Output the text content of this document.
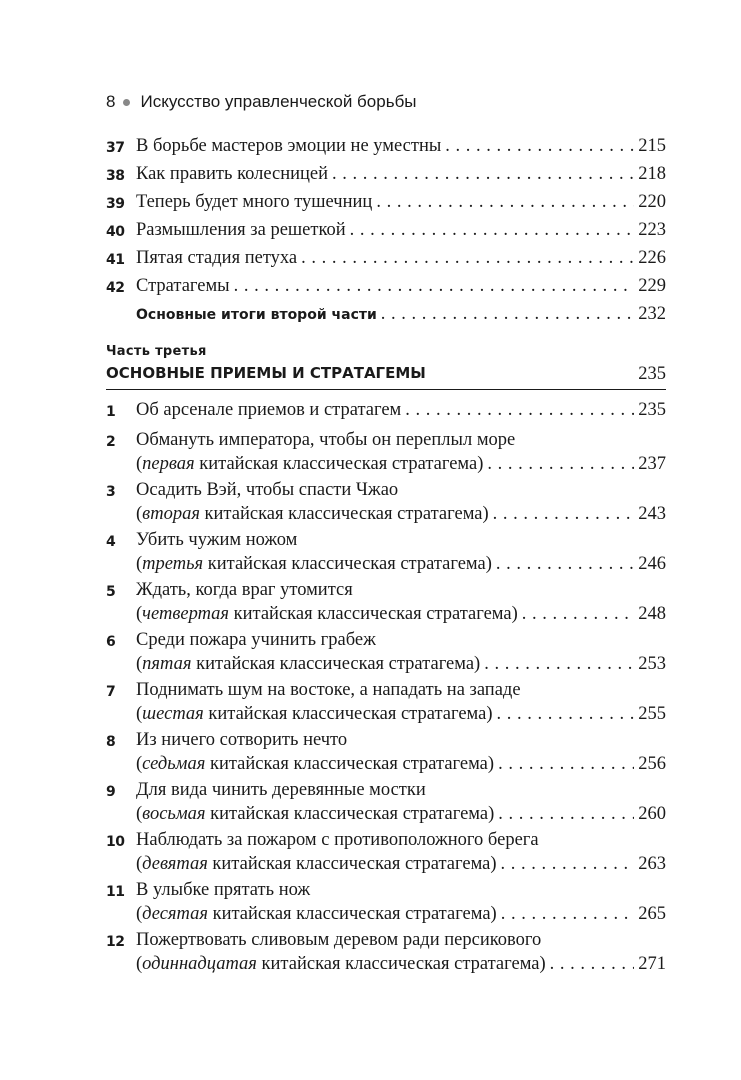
8 Искусство управленческой борьбы
37 В борьбе мастеров эмоции не уместны . . .	215
38 Как править колесницей . . .	218
39 Теперь будет много тушечниц . . .	220
40 Размышления за решеткой . . .	223
41 Пятая стадия петуха . . .	226
42 Стратагемы . . .	229
Основные итоги второй части . . .	232
Часть третья
ОСНОВНЫЕ ПРИЕМЫ И СТРАТАГЕМЫ	235
1 Об арсенале приемов и стратагем . . .	235
2 Обмануть императора, чтобы он переплыл море
(первая китайская классическая стратагема) . . .	237
3 Осадить Вэй, чтобы спасти Чжао
(вторая китайская классическая стратагема) . . .	243
4 Убить чужим ножом
(третья китайская классическая стратагема) . . .	246
5 Ждать, когда враг утомится
(четвертая китайская классическая стратагема) . . .	248
6 Среди пожара учинить грабеж
(пятая китайская классическая стратагема) . . .	253
7 Поднимать шум на востоке, а нападать на западе
(шестая китайская классическая стратагема) . . .	255
8 Из ничего сотворить нечто
(седьмая китайская классическая стратагема) . . .	256
9 Для вида чинить деревянные мостки
(восьмая китайская классическая стратагема) . . .	260
10 Наблюдать за пожаром с противоположного берега
(девятая китайская классическая стратагема) . . .	263
11 В улыбке прятать нож
(десятая китайская классическая стратагема) . . .	265
12 Пожертвовать сливовым деревом ради персикового
(одиннадцатая китайская классическая стратагема) . . .	271
